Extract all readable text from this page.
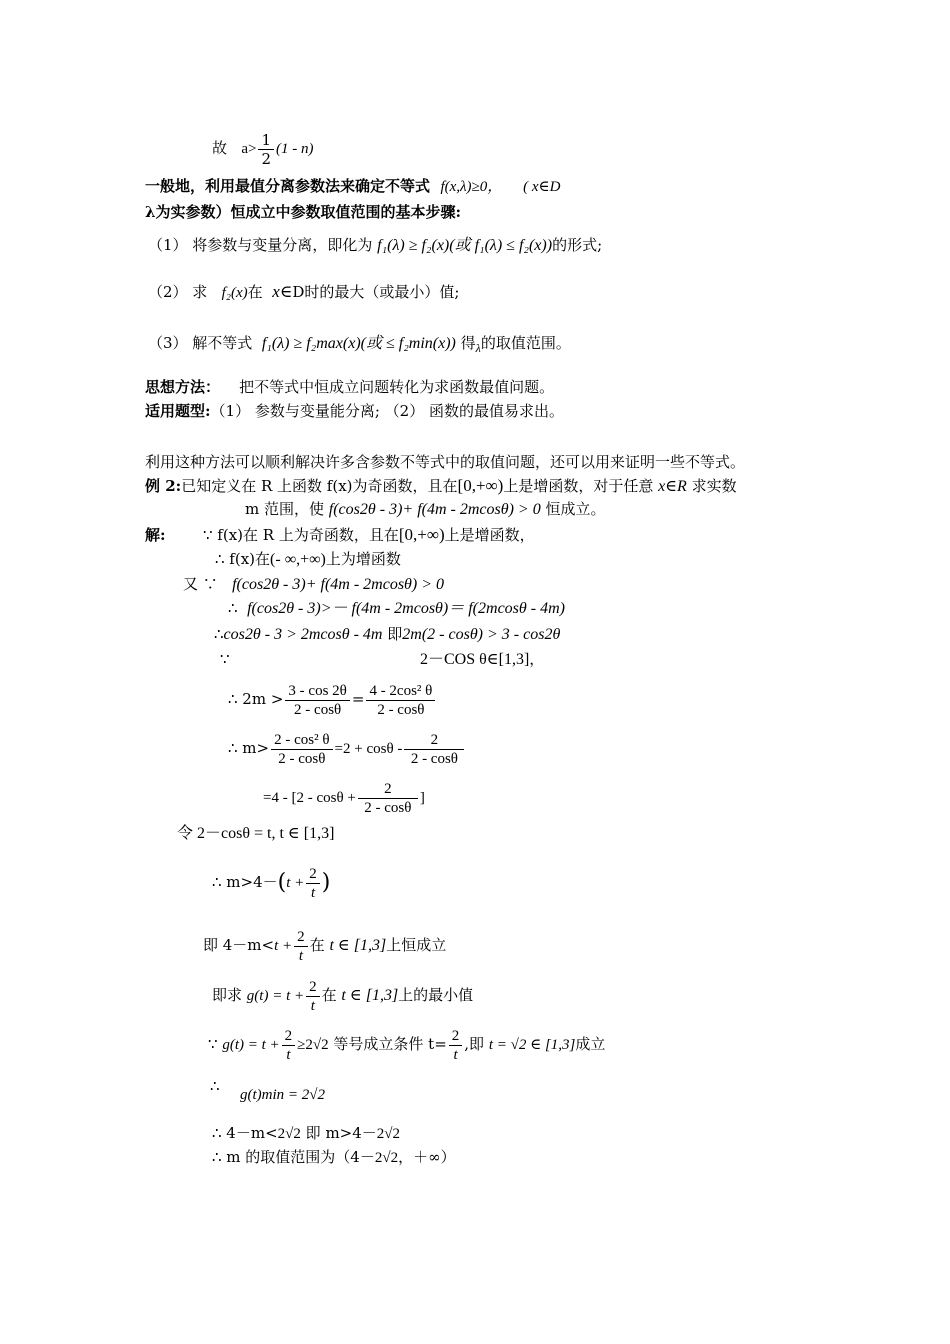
故 $a> \frac{1}{2} (1 - n)$
一般地，利用最值分离参数法来确定不等式 f(x,λ)≥0， ( x∈D
λ为实参数）恒成立中参数取值范围的基本步骤:
（1） 将参数与变量分离，即化为 f₁(λ) ≥ f₂(x)(或 f₁(λ) ≤ f₂(x))的形式;
（2） 求 f₂(x)在 x∈D时的最大（或最小）值;
（3） 解不等式 f₁(λ) ≥ f₂max(x)(或 ≤ f₂min(x)) 得$_\lambda$的取值范围。
思想方法： 把不等式中恒成立问题转化为求函数最值问题。
适用题型:（1） 参数与变量能分离; （2） 函数的最值易求出。
利用这种方法可以顺利解决许多含参数不等式中的取值问题，还可以用来证明一些不等式。
例 2:已知定义在 R 上函数 f(x)为奇函数，且在[0,+∞)上是增函数，对于任意 x∈R 求实数
m 范围，使 f(cos2θ - 3)+ f(4m - 2mcosθ) > 0 恒成立。
解: ∵ f(x)在 R 上为奇函数，且在[0,+∞)上是增函数，
∴ f(x)在(- ∞,+∞)上为增函数
又 ∵ f(cos2θ - 3)+ f(4m - 2mcosθ) > 0
∴ f(cos2θ - 3)>－ f(4m - 2mcosθ)＝ f(2mcosθ - 4m)
∴cos2θ - 3 > 2mcosθ - 4m 即2m(2 - cosθ) > 3 - cos2θ
∵	2－COS θ∈[1,3]，
∴ $2m > \frac{3 - \cos 2\theta}{2 - \cos\theta} = \frac{\text{4 - 2cos² θ}}{2 - \cos\theta}$
∴ $m> \frac{\text{2 - cos² θ}}{2 - \cos\theta} =2 + \cos\theta - \frac{2}{2 - \cos\theta}$
$=4 - [2 - \cos\theta + \frac{2}{2 - \cos\theta}$ ]
令 2－cosθ = t, t ∈ [1,3]
∴ $m>4-(t + \frac{2}{t}$ )
即 $4-m<t + \frac{2}{t}$ 在 t ∈ [1,3]上恒成立
即求 $g(t) = t + \frac{2}{t}$ 在 t ∈ [1,3]上的最小值
∵ $g(t) = t + \frac{2}{t} \ge 2√2$ 等号成立条件 $t= \frac{2}{t}$ ,即 t = √2 ∈ [1,3]成立
∴ g(t)min = 2√2
∴ 4－m<2√2 即 m>4－2√2
∴ m 的取值范围为（4－2√2，＋∞）
